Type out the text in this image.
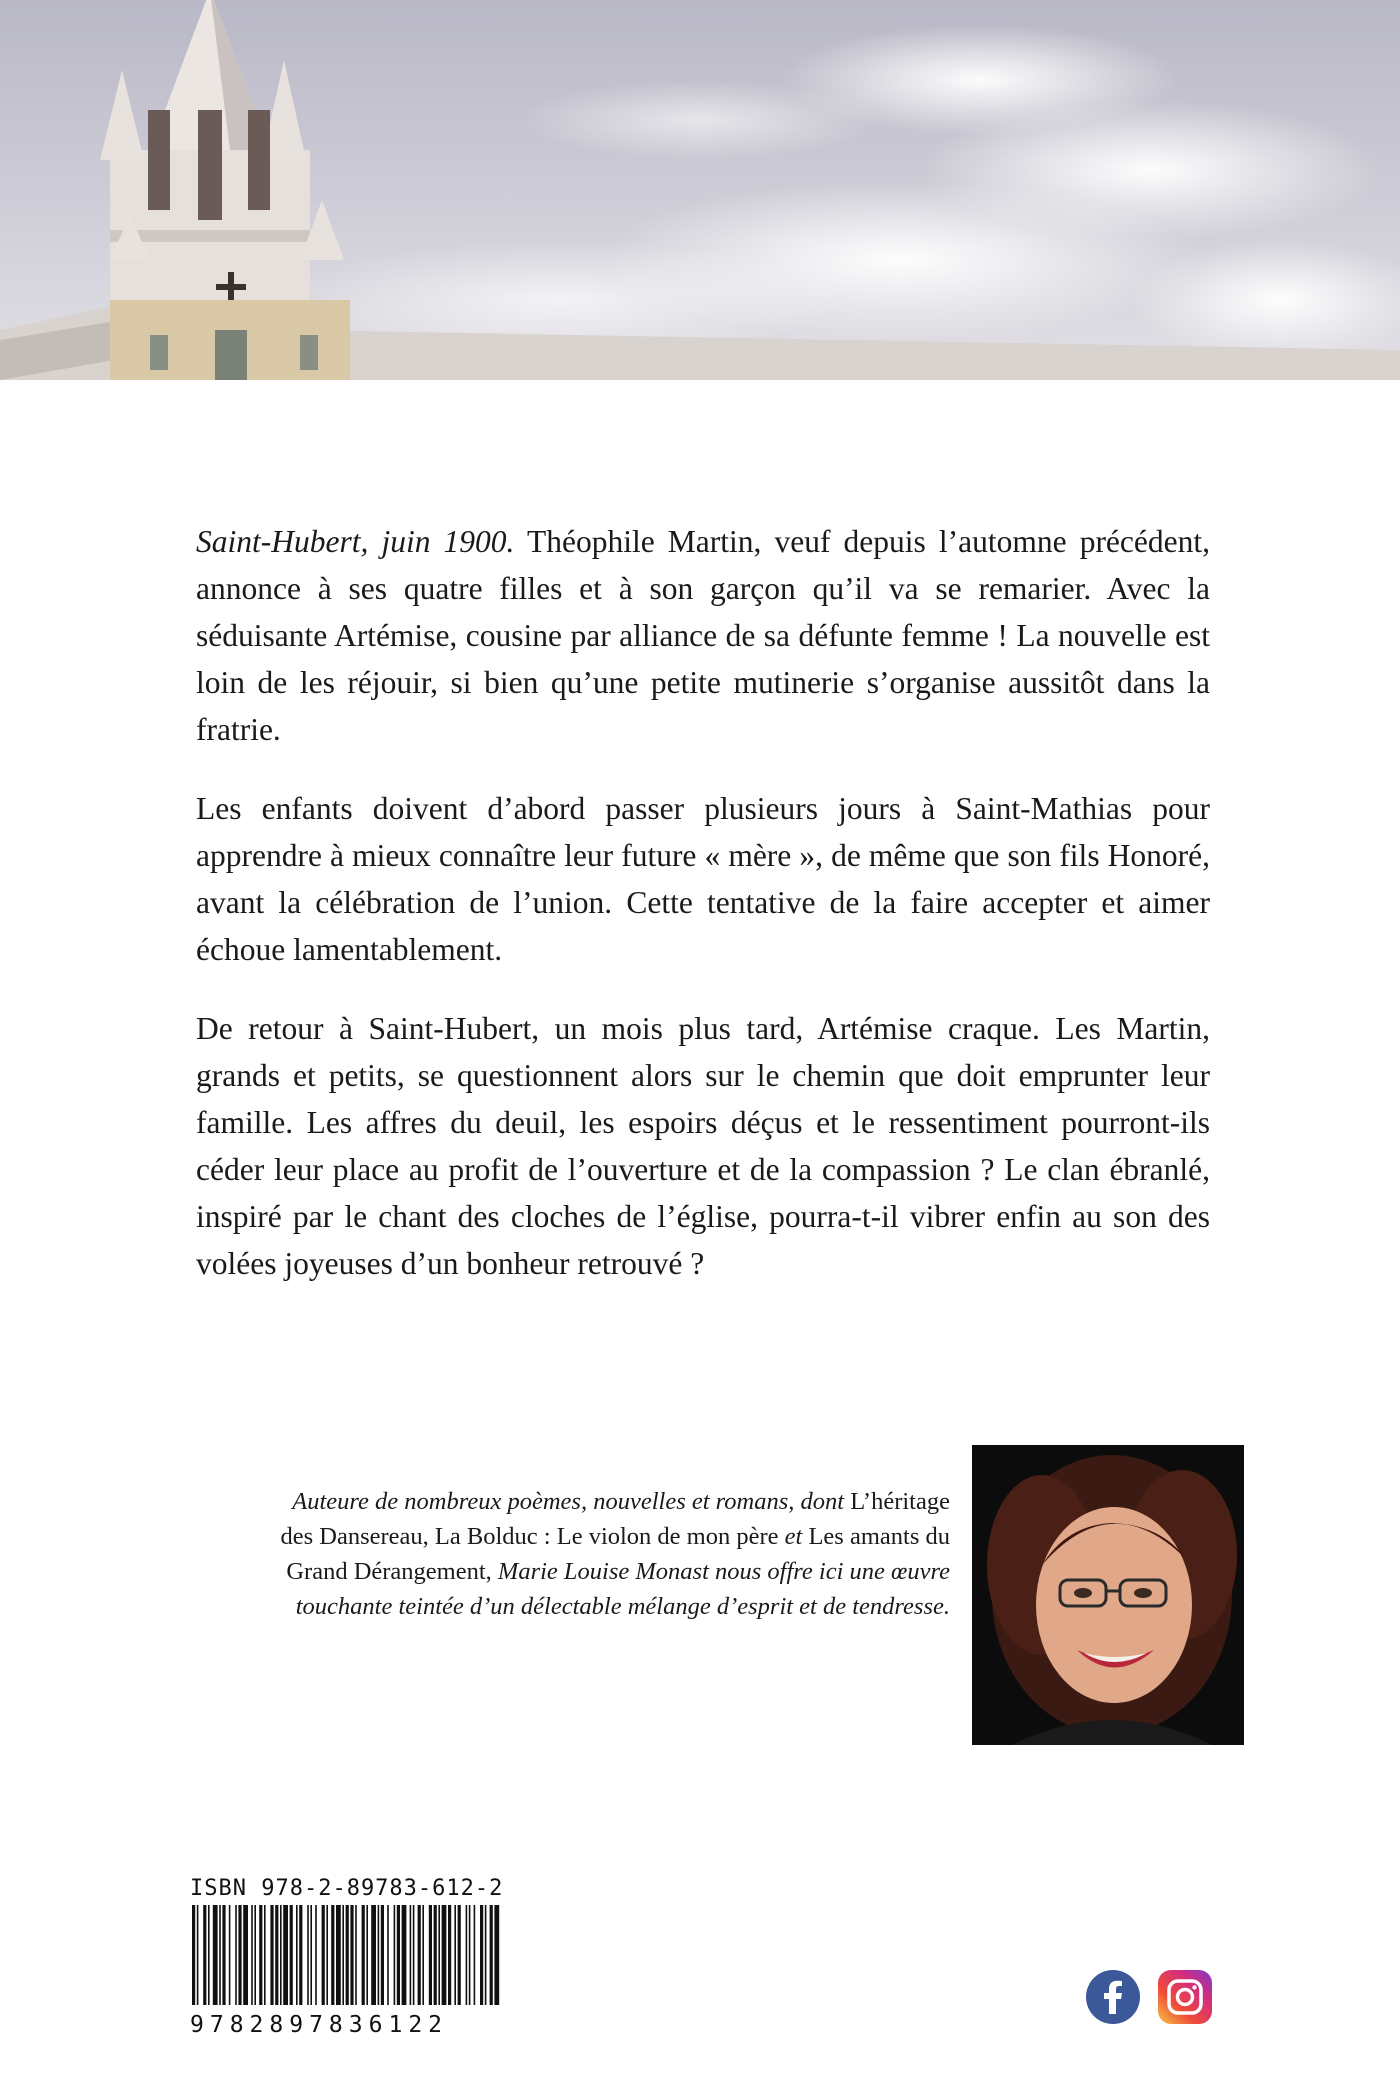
Saint-Hubert, juin 1900. Théophile Martin, veuf depuis l’automne précédent, annonce à ses quatre filles et à son garçon qu’il va se remarier. Avec la séduisante Artémise, cousine par alliance de sa défunte femme ! La nouvelle est loin de les réjouir, si bien qu’une petite mutinerie s’organise aussitôt dans la fratrie.

Les enfants doivent d’abord passer plusieurs jours à Saint-Mathias pour apprendre à mieux connaître leur future « mère », de même que son fils Honoré, avant la célébration de l’union. Cette tentative de la faire accepter et aimer échoue lamentablement.

De retour à Saint-Hubert, un mois plus tard, Artémise craque. Les Martin, grands et petits, se questionnent alors sur le chemin que doit emprunter leur famille. Les affres du deuil, les espoirs déçus et le ressentiment pourront-ils céder leur place au profit de l’ouverture et de la compassion ? Le clan ébranlé, inspiré par le chant des cloches de l’église, pourra-t-il vibrer enfin au son des volées joyeuses d’un bonheur retrouvé ?

Auteure de nombreux poèmes, nouvelles et romans, dont L’héritage des Dansereau, La Bolduc : Le violon de mon père et Les amants du Grand Dérangement, Marie Louise Monast nous offre ici une œuvre touchante teintée d’un délectable mélange d’esprit et de tendresse.
ISBN 978-2-89783-612-2
9782897836122
